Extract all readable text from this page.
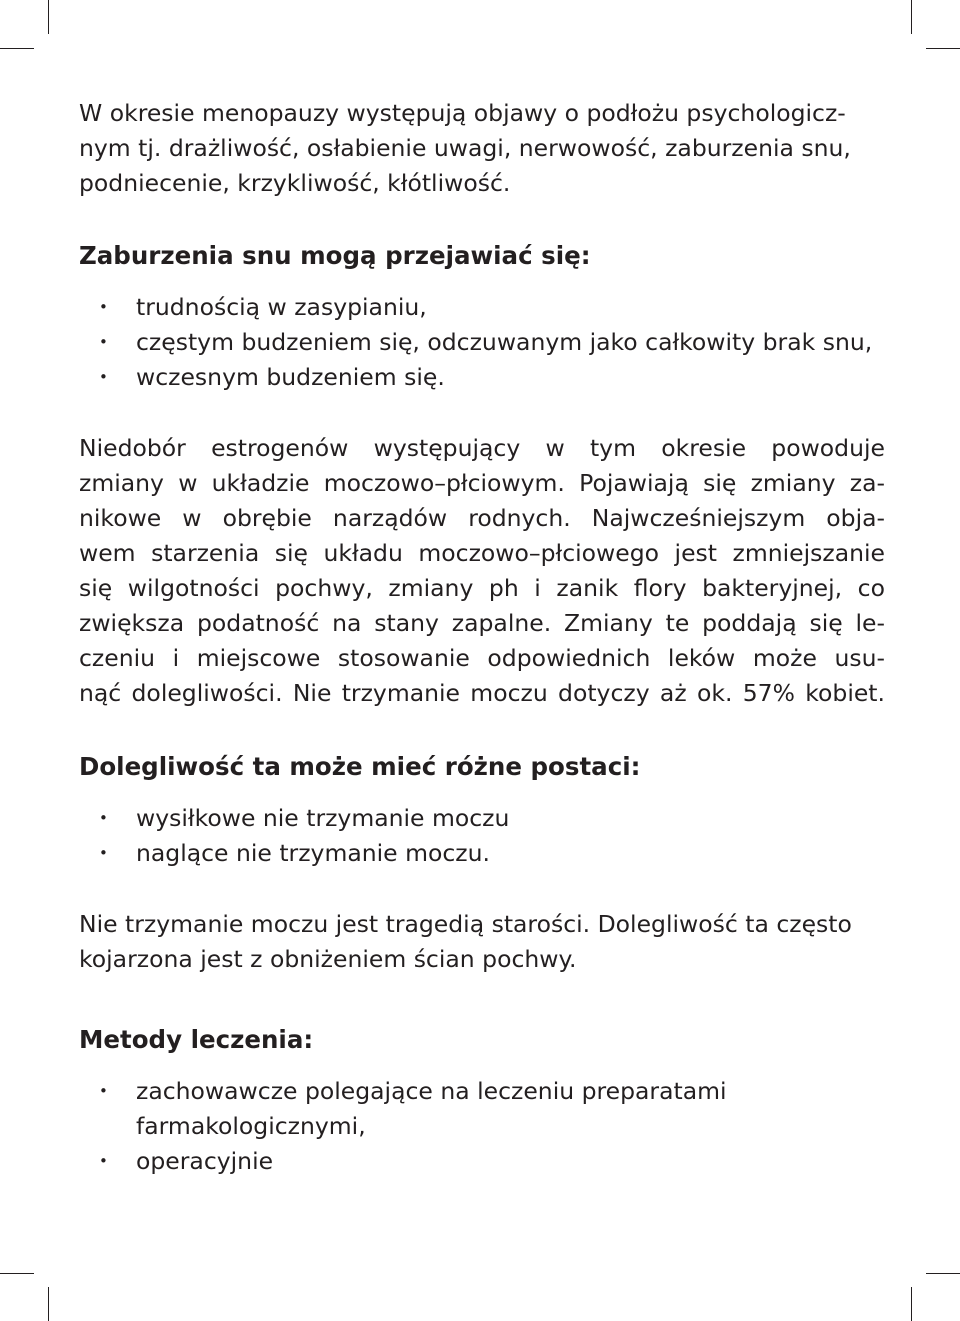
W okresie menopauzy występują objawy o podłożu psychologicz-
nym tj. drażliwość, osłabienie uwagi, nerwowość, zaburzenia snu,
podniecenie, krzykliwość, kłótliwość.

Zaburzenia snu mogą przejawiać się:
• trudnością w zasypianiu,
• częstym budzeniem się, odczuwanym jako całkowity brak snu,
• wczesnym budzeniem się.

Niedobór estrogenów występujący w tym okresie powoduje
zmiany w układzie moczowo–płciowym. Pojawiają się zmiany za-
nikowe w obrębie narządów rodnych. Najwcześniejszym obja-
wem starzenia się układu moczowo–płciowego jest zmniejszanie
się wilgotności pochwy, zmiany ph i zanik flory bakteryjnej, co
zwiększa podatność na stany zapalne. Zmiany te poddają się le-
czeniu i miejscowe stosowanie odpowiednich leków może usu-
nąć dolegliwości. Nie trzymanie moczu dotyczy aż ok. 57% kobiet.

Dolegliwość ta może mieć różne postaci:
• wysiłkowe nie trzymanie moczu
• naglące nie trzymanie moczu.

Nie trzymanie moczu jest tragedią starości. Dolegliwość ta często
kojarzona jest z obniżeniem ścian pochwy.

Metody leczenia:
• zachowawcze polegające na leczeniu preparatami
farmakologicznymi,
• operacyjnie
